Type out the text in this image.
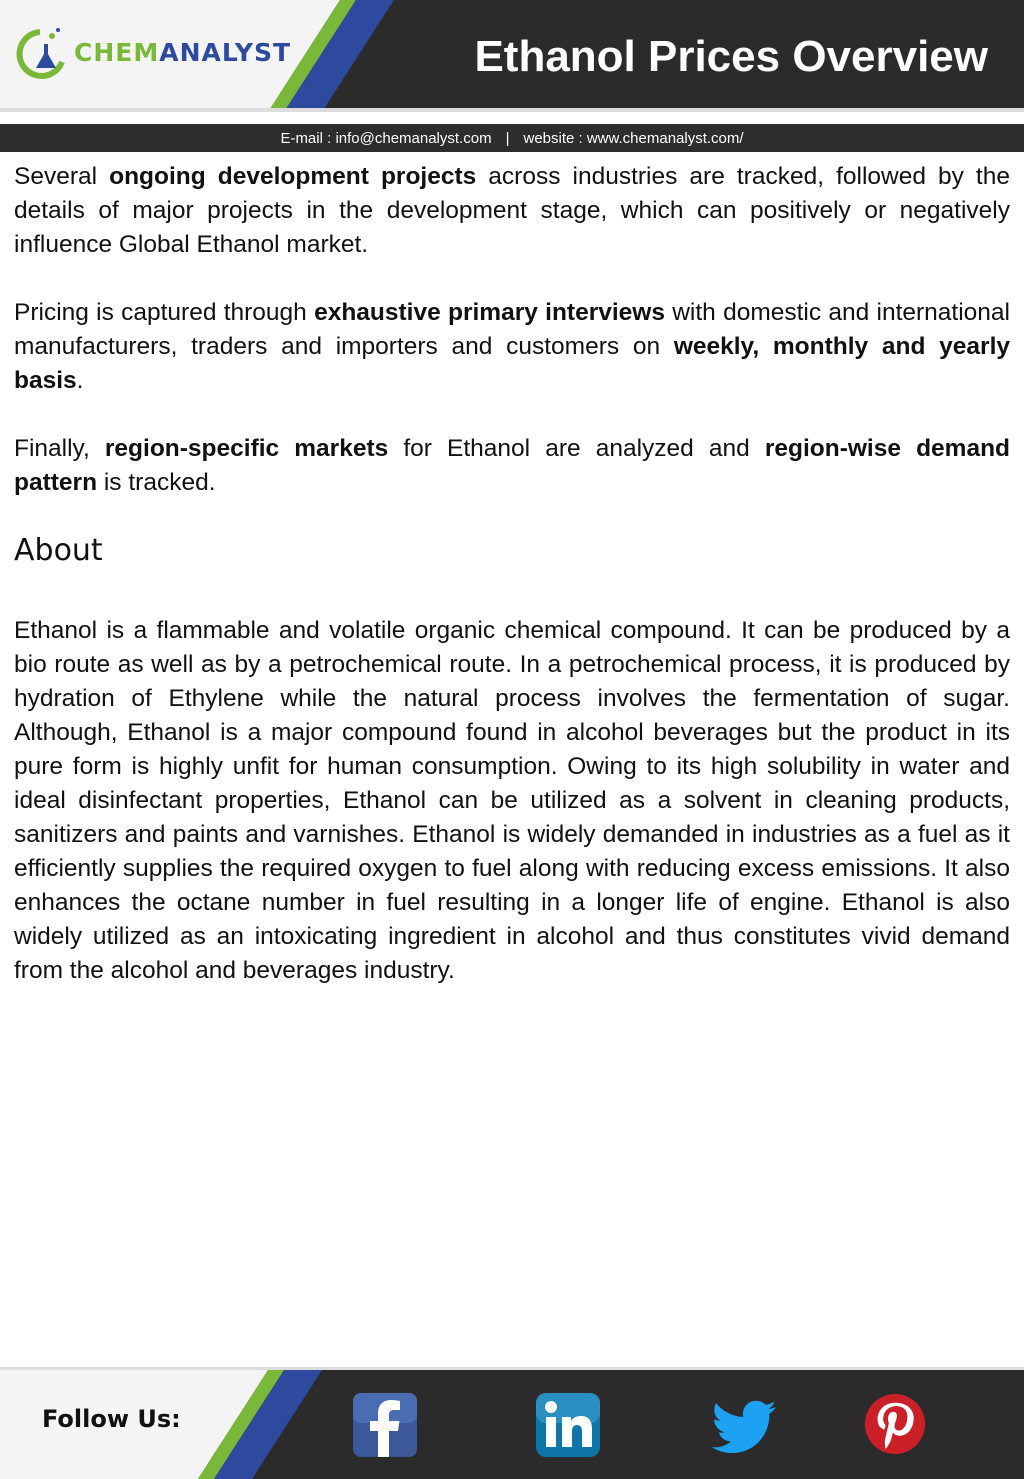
CHEMANALYST	Ethanol Prices Overview
E-mail : info@chemanalyst.com | website : www.chemanalyst.com/

Several ongoing development projects across industries are tracked, followed by the details of major projects in the development stage, which can positively or negatively influence Global Ethanol market.

Pricing is captured through exhaustive primary interviews with domestic and international manufacturers, traders and importers and customers on weekly, monthly and yearly basis.

Finally, region-specific markets for Ethanol are analyzed and region-wise demand pattern is tracked.

About

Ethanol is a flammable and volatile organic chemical compound. It can be produced by a bio route as well as by a petrochemical route. In a petrochemical process, it is produced by hydration of Ethylene while the natural process involves the fermentation of sugar. Although, Ethanol is a major compound found in alcohol beverages but the product in its pure form is highly unfit for human consumption. Owing to its high solubility in water and ideal disinfectant properties, Ethanol can be utilized as a solvent in cleaning products, sanitizers and paints and varnishes. Ethanol is widely demanded in industries as a fuel as it efficiently supplies the required oxygen to fuel along with reducing excess emissions. It also enhances the octane number in fuel resulting in a longer life of engine. Ethanol is also widely utilized as an intoxicating ingredient in alcohol and thus constitutes vivid demand from the alcohol and beverages industry.

Follow Us:
